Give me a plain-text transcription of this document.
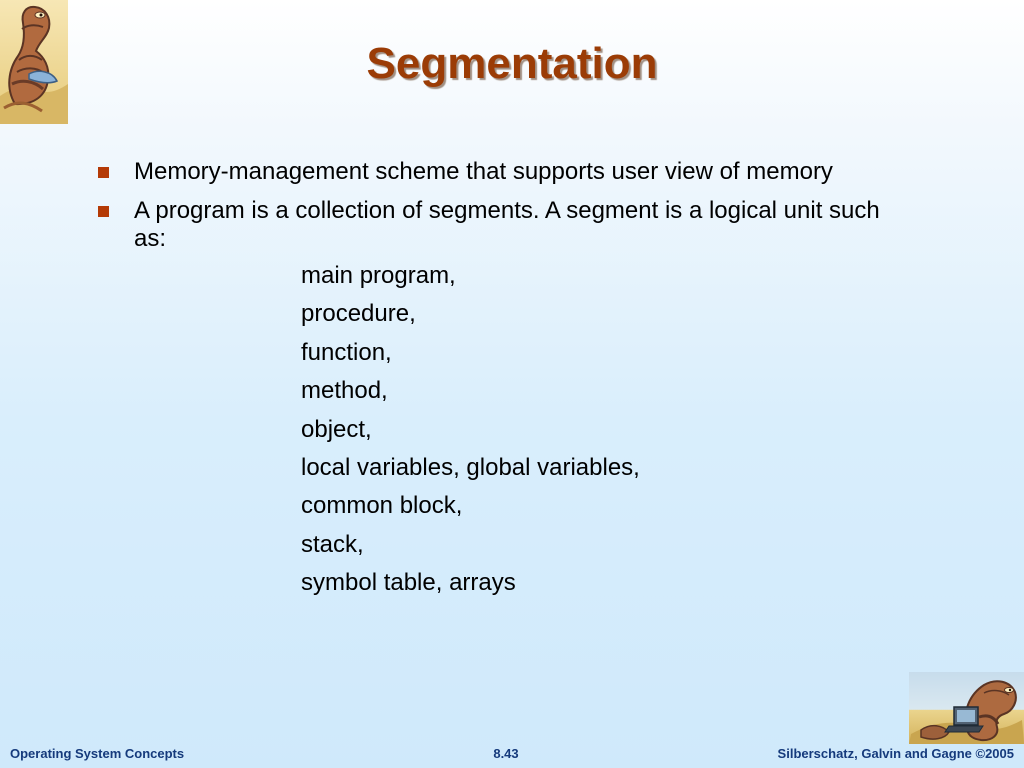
Segmentation
Memory-management scheme that supports user view of memory
A program is a collection of segments. A segment is a logical unit such as:
main program,
procedure,
function,
method,
object,
local variables, global variables,
common block,
stack,
symbol table, arrays
Operating System Concepts	8.43	Silberschatz, Galvin and Gagne ©2005
